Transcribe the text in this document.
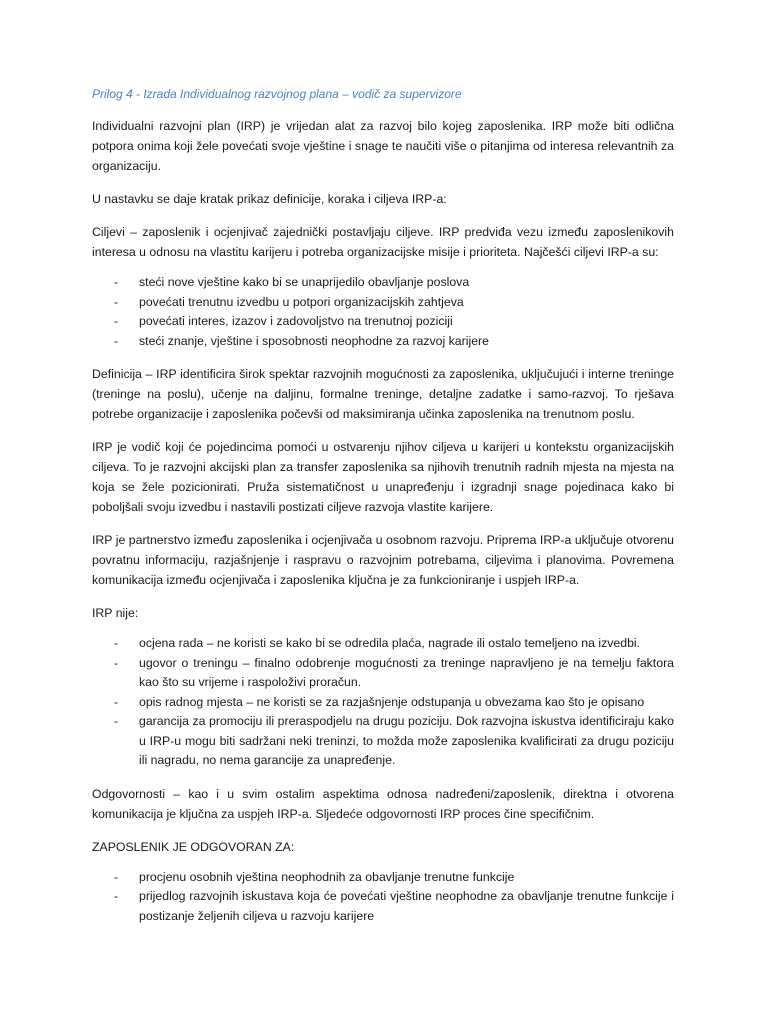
Prilog 4 - Izrada Individualnog razvojnog plana – vodič za supervizore

Individualni razvojni plan (IRP) je vrijedan alat za razvoj bilo kojeg zaposlenika. IRP može biti odlična potpora onima koji žele povećati svoje vještine i snage te naučiti više o pitanjima od interesa relevantnih za organizaciju.

U nastavku se daje kratak prikaz definicije, koraka i ciljeva IRP-a:

Ciljevi – zaposlenik i ocjenjivač zajednički postavljaju ciljeve. IRP predviđa vezu između zaposlenikovih interesa u odnosu na vlastitu karijeru i potreba organizacijske misije i prioriteta. Najčešći ciljevi IRP-a su:

- steći nove vještine kako bi se unaprijedilo obavljanje poslova
- povećati trenutnu izvedbu u potpori organizacijskih zahtjeva
- povećati interes, izazov i zadovoljstvo na trenutnoj poziciji
- steći znanje, vještine i sposobnosti neophodne za razvoj karijere

Definicija – IRP identificira širok spektar razvojnih mogućnosti za zaposlenika, uključujući i interne treninge (treninge na poslu), učenje na daljinu, formalne treninge, detaljne zadatke i samo-razvoj. To rješava potrebe organizacije i zaposlenika počevši od maksimiranja učinka zaposlenika na trenutnom poslu.

IRP je vodič koji će pojedincima pomoći u ostvarenju njihov ciljeva u karijeri u kontekstu organizacijskih ciljeva. To je razvojni akcijski plan za transfer zaposlenika sa njihovih trenutnih radnih mjesta na mjesta na koja se žele pozicionirati. Pruža sistematičnost u unapređenju i izgradnji snage pojedinaca kako bi poboljšali svoju izvedbu i nastavili postizati ciljeve razvoja vlastite karijere.

IRP je partnerstvo između zaposlenika i ocjenjivača u osobnom razvoju. Priprema IRP-a uključuje otvorenu povratnu informaciju, razjašnjenje i raspravu o razvojnim potrebama, ciljevima i planovima. Povremena komunikacija između ocjenjivača i zaposlenika ključna je za funkcioniranje i uspjeh IRP-a.

IRP nije:

- ocjena rada – ne koristi se kako bi se odredila plaća, nagrade ili ostalo temeljeno na izvedbi.
- ugovor o treningu – finalno odobrenje mogućnosti za treninge napravljeno je na temelju faktora kao što su vrijeme i raspoloživi proračun.
- opis radnog mjesta – ne koristi se za razjašnjenje odstupanja u obvezama kao što je opisano
- garancija za promociju ili preraspodjelu na drugu poziciju. Dok razvojna iskustva identificiraju kako u IRP-u mogu biti sadržani neki treninzi, to možda može zaposlenika kvalificirati za drugu poziciju ili nagradu, no nema garancije za unapređenje.

Odgovornosti – kao i u svim ostalim aspektima odnosa nadređeni/zaposlenik, direktna i otvorena komunikacija je ključna za uspjeh IRP-a. Sljedeće odgovornosti IRP proces čine specifičnim.

ZAPOSLENIK JE ODGOVORAN ZA:

- procjenu osobnih vještina neophodnih za obavljanje trenutne funkcije
- prijedlog razvojnih iskustava koja će povećati vještine neophodne za obavljanje trenutne funkcije i postizanje željenih ciljeva u razvoju karijere
